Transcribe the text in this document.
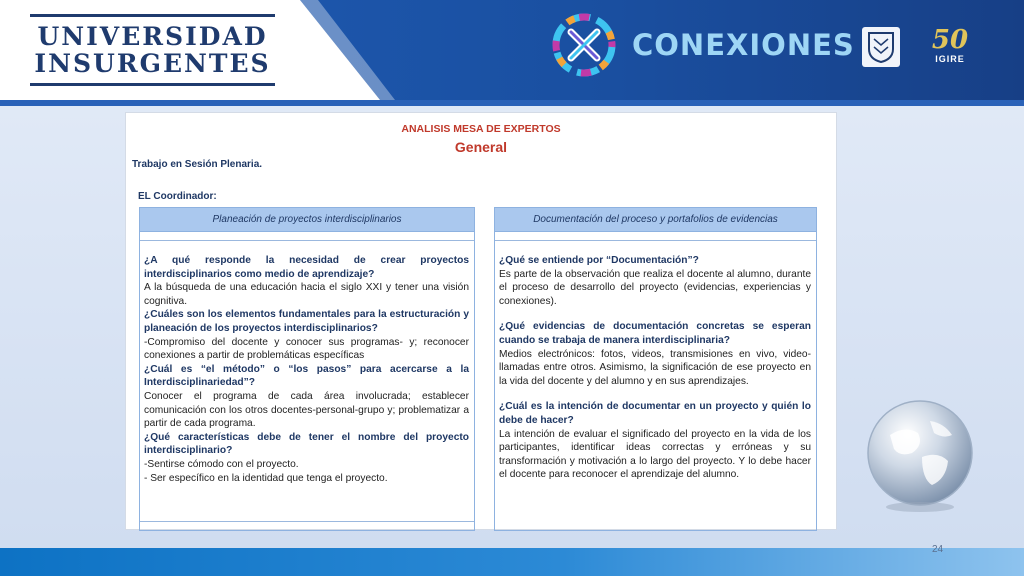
UNIVERSIDAD
INSURGENTES
CONEXIONES	50
IGIRE
ANALISIS MESA DE EXPERTOS
General
Trabajo en Sesión Plenaria.
EL Coordinador:
Planeación de proyectos interdisciplinarios
¿A qué responde la necesidad de crear proyectos interdisciplinarios como medio de aprendizaje?
A la búsqueda de una educación hacia el siglo XXI y tener una visión cognitiva.
¿Cuáles son los elementos fundamentales para la estructuración y planeación de los proyectos interdisciplinarios?
-Compromiso del docente y conocer sus programas- y; reconocer conexiones a partir de problemáticas específicas
¿Cuál es “el método” o “los pasos” para acercarse a la Interdisciplinariedad”?
Conocer el programa de cada área involucrada; establecer comunicación con los otros docentes-personal-grupo y; problematizar a partir de cada programa.
¿Qué características debe de tener el nombre del proyecto interdisciplinario?
-Sentirse cómodo con el proyecto.
- Ser específico en la identidad que tenga el proyecto.
Documentación del proceso y portafolios de evidencias
¿Qué se entiende por “Documentación”?
Es parte de la observación que realiza el docente al alumno, durante el proceso de desarrollo del proyecto (evidencias, experiencias y conexiones).
¿Qué evidencias de documentación concretas se esperan cuando se trabaja de manera interdisciplinaria?
Medios electrónicos: fotos, videos, transmisiones en vivo, video-llamadas entre otros. Asimismo, la significación de ese proyecto en la vida del docente y del alumno y en sus aprendizajes.
¿Cuál es la intención de documentar en un proyecto y quién lo debe de hacer?
La intención de evaluar el significado del proyecto en la vida de los participantes, identificar ideas correctas y erróneas y su transformación y motivación a lo largo del proyecto. Y lo debe hacer el docente para reconocer el aprendizaje del alumno.
24
